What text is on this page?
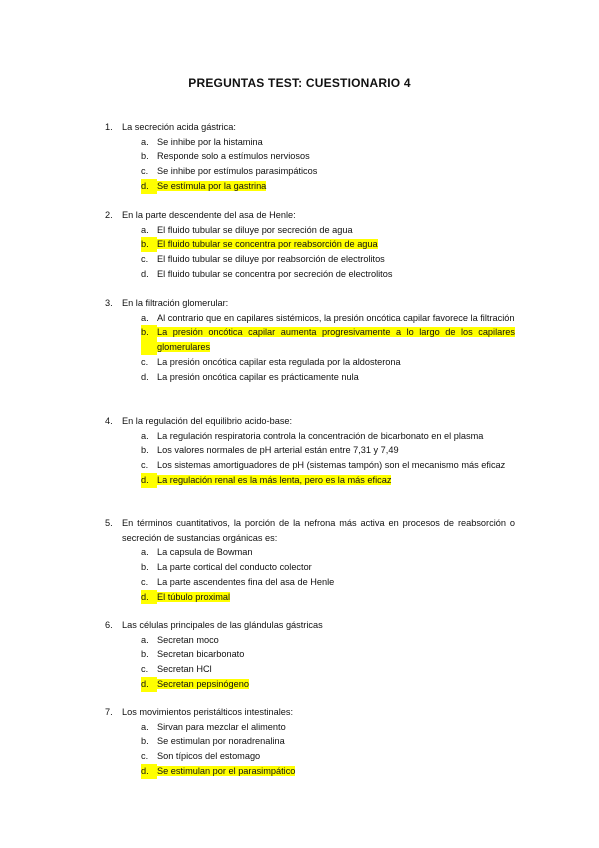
PREGUNTAS TEST: CUESTIONARIO 4
1.	La secreción acida gástrica:
a. Se inhibe por la histamina
b. Responde solo a estímulos nerviosos
c. Se inhibe por estímulos parasimpáticos
d. Se estímula por la gastrina
2.	En la parte descendente del asa de Henle:
a. El fluido tubular se diluye por secreción de agua
b. El fluido tubular se concentra por reabsorción de agua
c. El fluido tubular se diluye por reabsorción de electrolitos
d. El fluido tubular se concentra por secreción de electrolitos
3.	En la filtración glomerular:
a. Al contrario que en capilares sistémicos, la presión oncótica capilar favorece la filtración
b. La presión oncótica capilar aumenta progresivamente a lo largo de los capilares glomerulares
c. La presión oncótica capilar esta regulada por la aldosterona
d. La presión oncótica capilar es prácticamente nula
4.	En la regulación del equilibrio acido-base:
a. La regulación respiratoria controla la concentración de bicarbonato en el plasma
b. Los valores normales de pH arterial están entre 7,31 y 7,49
c. Los sistemas amortiguadores de pH (sistemas tampón) son el mecanismo más eficaz
d. La regulación renal es la más lenta, pero es la más eficaz
5.	En términos cuantitativos, la porción de la nefrona más activa en procesos de reabsorción o secreción de sustancias orgánicas es:
a. La capsula de Bowman
b. La parte cortical del conducto colector
c. La parte ascendentes fina del asa de Henle
d. El túbulo proximal
6.	Las células principales de las glándulas gástricas
a. Secretan moco
b. Secretan bicarbonato
c. Secretan HCl
d. Secretan pepsinógeno
7.	Los movimientos peristálticos intestinales:
a. Sirvan para mezclar el alimento
b. Se estimulan por noradrenalina
c. Son típicos del estomago
d. Se estimulan por el parasimpático
